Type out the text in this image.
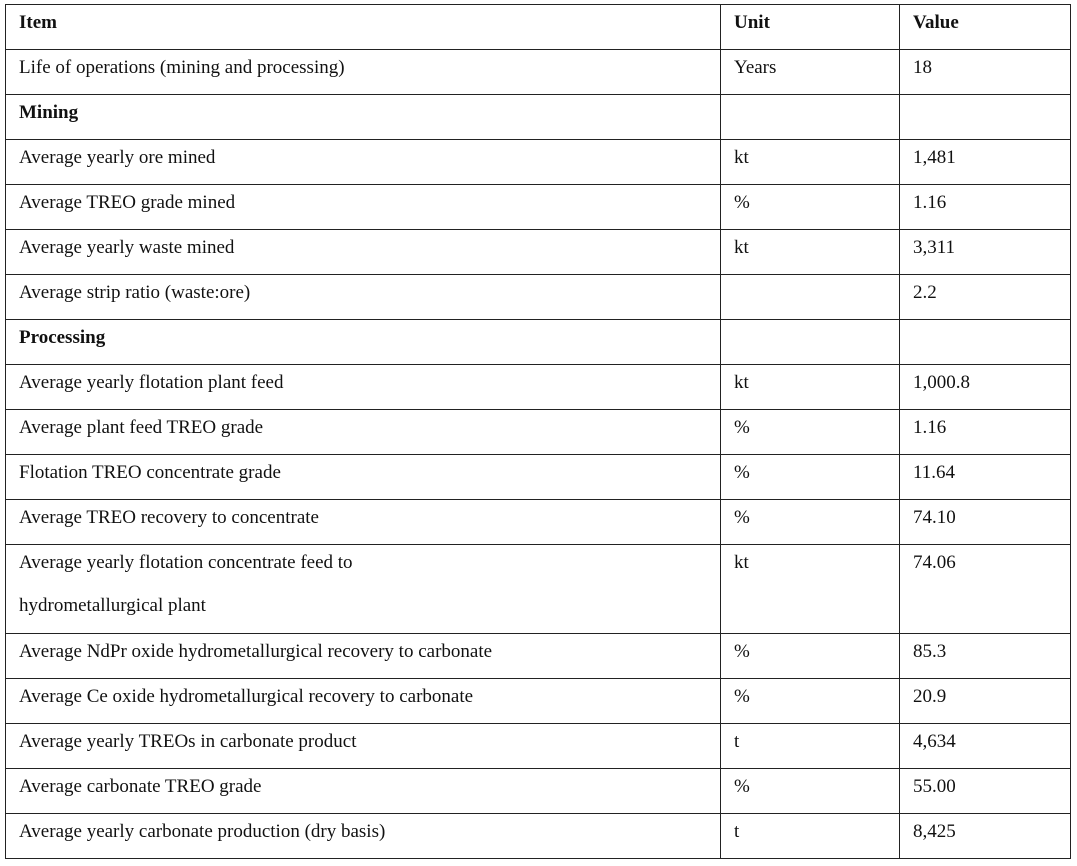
Item	Unit	Value
Life of operations (mining and processing)	Years	18
Mining		
Average yearly ore mined	kt	1,481
Average TREO grade mined	%	1.16
Average yearly waste mined	kt	3,311
Average strip ratio (waste:ore)		2.2
Processing		
Average yearly flotation plant feed	kt	1,000.8
Average plant feed TREO grade	%	1.16
Flotation TREO concentrate grade	%	11.64
Average TREO recovery to concentrate	%	74.10
Average yearly flotation concentrate feed to
hydrometallurgical plant	kt	74.06
Average NdPr oxide hydrometallurgical recovery to carbonate	%	85.3
Average Ce oxide hydrometallurgical recovery to carbonate	%	20.9
Average yearly TREOs in carbonate product	t	4,634
Average carbonate TREO grade	%	55.00
Average yearly carbonate production (dry basis)	t	8,425
